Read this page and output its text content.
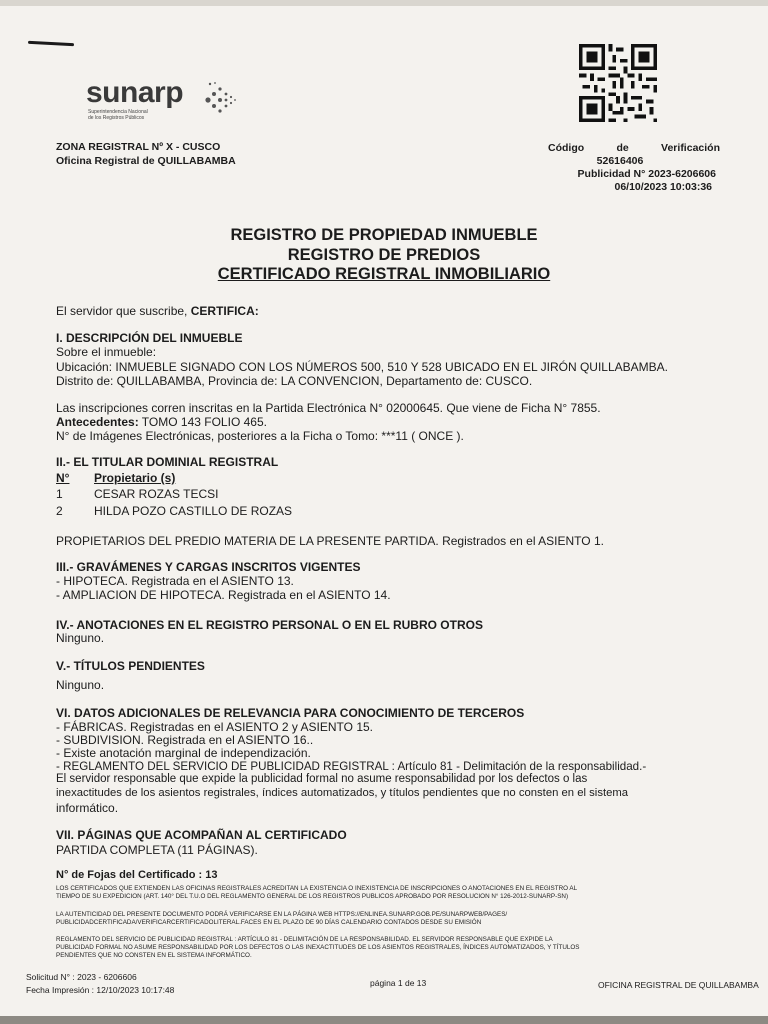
sunarp
Superintendencia Nacional
de los Registros Públicos
ZONA REGISTRAL Nº X - CUSCO
Oficina Registral de QUILLABAMBA
Código	de	Verificación
52616406
Publicidad N° 2023-6206606
06/10/2023 10:03:36
REGISTRO DE PROPIEDAD INMUEBLE
REGISTRO DE PREDIOS
CERTIFICADO REGISTRAL INMOBILIARIO
El servidor que suscribe, CERTIFICA:
I. DESCRIPCIÓN DEL INMUEBLE
Sobre el inmueble:
Ubicación: INMUEBLE SIGNADO CON LOS NÚMEROS 500, 510 Y 528 UBICADO EN EL JIRÓN QUILLABAMBA.
Distrito de: QUILLABAMBA, Provincia de: LA CONVENCION, Departamento de: CUSCO.
Las inscripciones corren inscritas en la Partida Electrónica N° 02000645. Que viene de Ficha N° 7855.
Antecedentes: TOMO 143 FOLIO 465.
N° de Imágenes Electrónicas, posteriores a la Ficha o Tomo: ***11 ( ONCE ).
II.- EL TITULAR DOMINIAL REGISTRAL
N° Propietario (s)
1	CESAR ROZAS TECSI
2	HILDA POZO CASTILLO DE ROZAS
PROPIETARIOS DEL PREDIO MATERIA DE LA PRESENTE PARTIDA. Registrados en el ASIENTO 1.
III.- GRAVÁMENES Y CARGAS INSCRITOS VIGENTES
- HIPOTECA. Registrada en el ASIENTO 13.
- AMPLIACION DE HIPOTECA. Registrada en el ASIENTO 14.
IV.- ANOTACIONES EN EL REGISTRO PERSONAL O EN EL RUBRO OTROS
Ninguno.
V.- TÍTULOS PENDIENTES
Ninguno.
VI. DATOS ADICIONALES DE RELEVANCIA PARA CONOCIMIENTO DE TERCEROS
- FÁBRICAS. Registradas en el ASIENTO 2 y ASIENTO 15.
- SUBDIVISION. Registrada en el ASIENTO 16..
- Existe anotación marginal de independización.
- REGLAMENTO DEL SERVICIO DE PUBLICIDAD REGISTRAL : Artículo 81 - Delimitación de la responsabilidad.-
El servidor responsable que expide la publicidad formal no asume responsabilidad por los defectos o las
inexactitudes de los asientos registrales, índices automatizados, y títulos pendientes que no consten en el sistema
informático.
VII. PÁGINAS QUE ACOMPAÑAN AL CERTIFICADO
PARTIDA COMPLETA (11 PÁGINAS).
N° de Fojas del Certificado : 13
LOS CERTIFICADOS QUE EXTIENDEN LAS OFICINAS REGISTRALES ACREDITAN LA EXISTENCIA O INEXISTENCIA DE INSCRIPCIONES O ANOTACIONES EN EL REGISTRO AL
TIEMPO DE SU EXPEDICION (ART. 140° DEL T.U.O DEL REGLAMENTO GENERAL DE LOS REGISTROS PUBLICOS APROBADO POR RESOLUCION N° 126-2012-SUNARP-SN)
LA AUTENTICIDAD DEL PRESENTE DOCUMENTO PODRÁ VERIFICARSE EN LA PÁGINA WEB HTTPS://ENLINEA.SUNARP.GOB.PE/SUNARPWEB/PAGES/
PUBLICIDADCERTIFICADA/VERIFICARCERTIFICADOLITERAL.FACES EN EL PLAZO DE 90 DÍAS CALENDARIO CONTADOS DESDE SU EMISIÓN
REGLAMENTO DEL SERVICIO DE PUBLICIDAD REGISTRAL : ARTÍCULO 81 - DELIMITACIÓN DE LA RESPONSABILIDAD. EL SERVIDOR RESPONSABLE QUE EXPIDE LA
PUBLICIDAD FORMAL NO ASUME RESPONSABILIDAD POR LOS DEFECTOS O LAS INEXACTITUDES DE LOS ASIENTOS REGISTRALES, ÍNDICES AUTOMATIZADOS, Y TÍTULOS
PENDIENTES QUE NO CONSTEN EN EL SISTEMA INFORMÁTICO.
Solicitud N° : 2023 - 6206606
Fecha Impresión : 12/10/2023 10:17:48
página 1 de 13	OFICINA REGISTRAL DE QUILLABAMBA
